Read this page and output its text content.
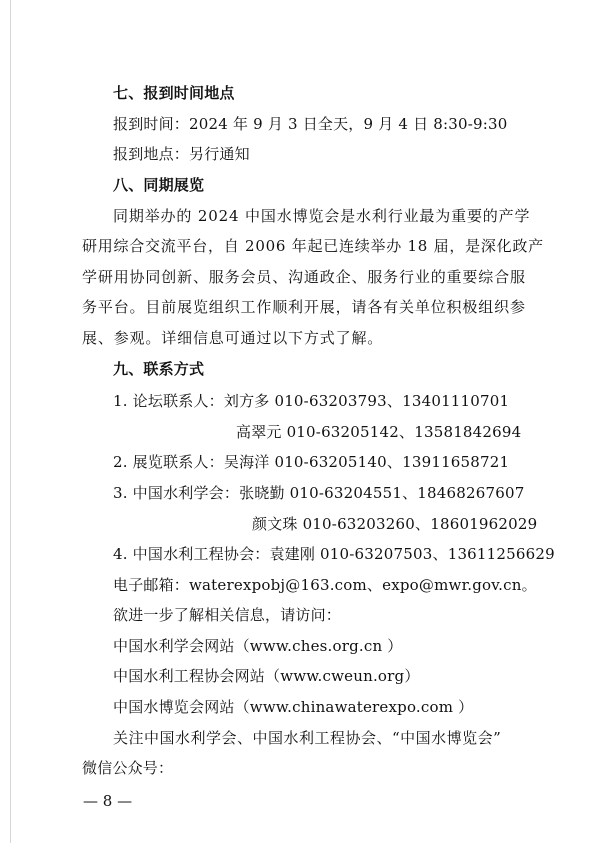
七、报到时间地点
报到时间：2024 年 9 月 3 日全天，9 月 4 日 8:30-9:30
报到地点：另行通知
八、同期展览
同期举办的 2024 中国水博览会是水利行业最为重要的产学
研用综合交流平台，自 2006 年起已连续举办 18 届，是深化政产
学研用协同创新、服务会员、沟通政企、服务行业的重要综合服
务平台。目前展览组织工作顺利开展，请各有关单位积极组织参
展、参观。详细信息可通过以下方式了解。
九、联系方式
1. 论坛联系人：刘方多 010-63203793、13401110701
高翠元 010-63205142、13581842694
2. 展览联系人：吴海洋 010-63205140、13911658721
3. 中国水利学会：张晓勤 010-63204551、18468267607
颜文珠 010-63203260、18601962029
4. 中国水利工程协会：袁建刚 010-63207503、13611256629
电子邮箱：waterexpobj@163.com、expo@mwr.gov.cn。
欲进一步了解相关信息，请访问：
中国水利学会网站（www.ches.org.cn ）
中国水利工程协会网站（www.cweun.org）
中国水博览会网站（www.chinawaterexpo.com ）
关注中国水利学会、中国水利工程协会、“中国水博览会”
微信公众号：
— 8 —
